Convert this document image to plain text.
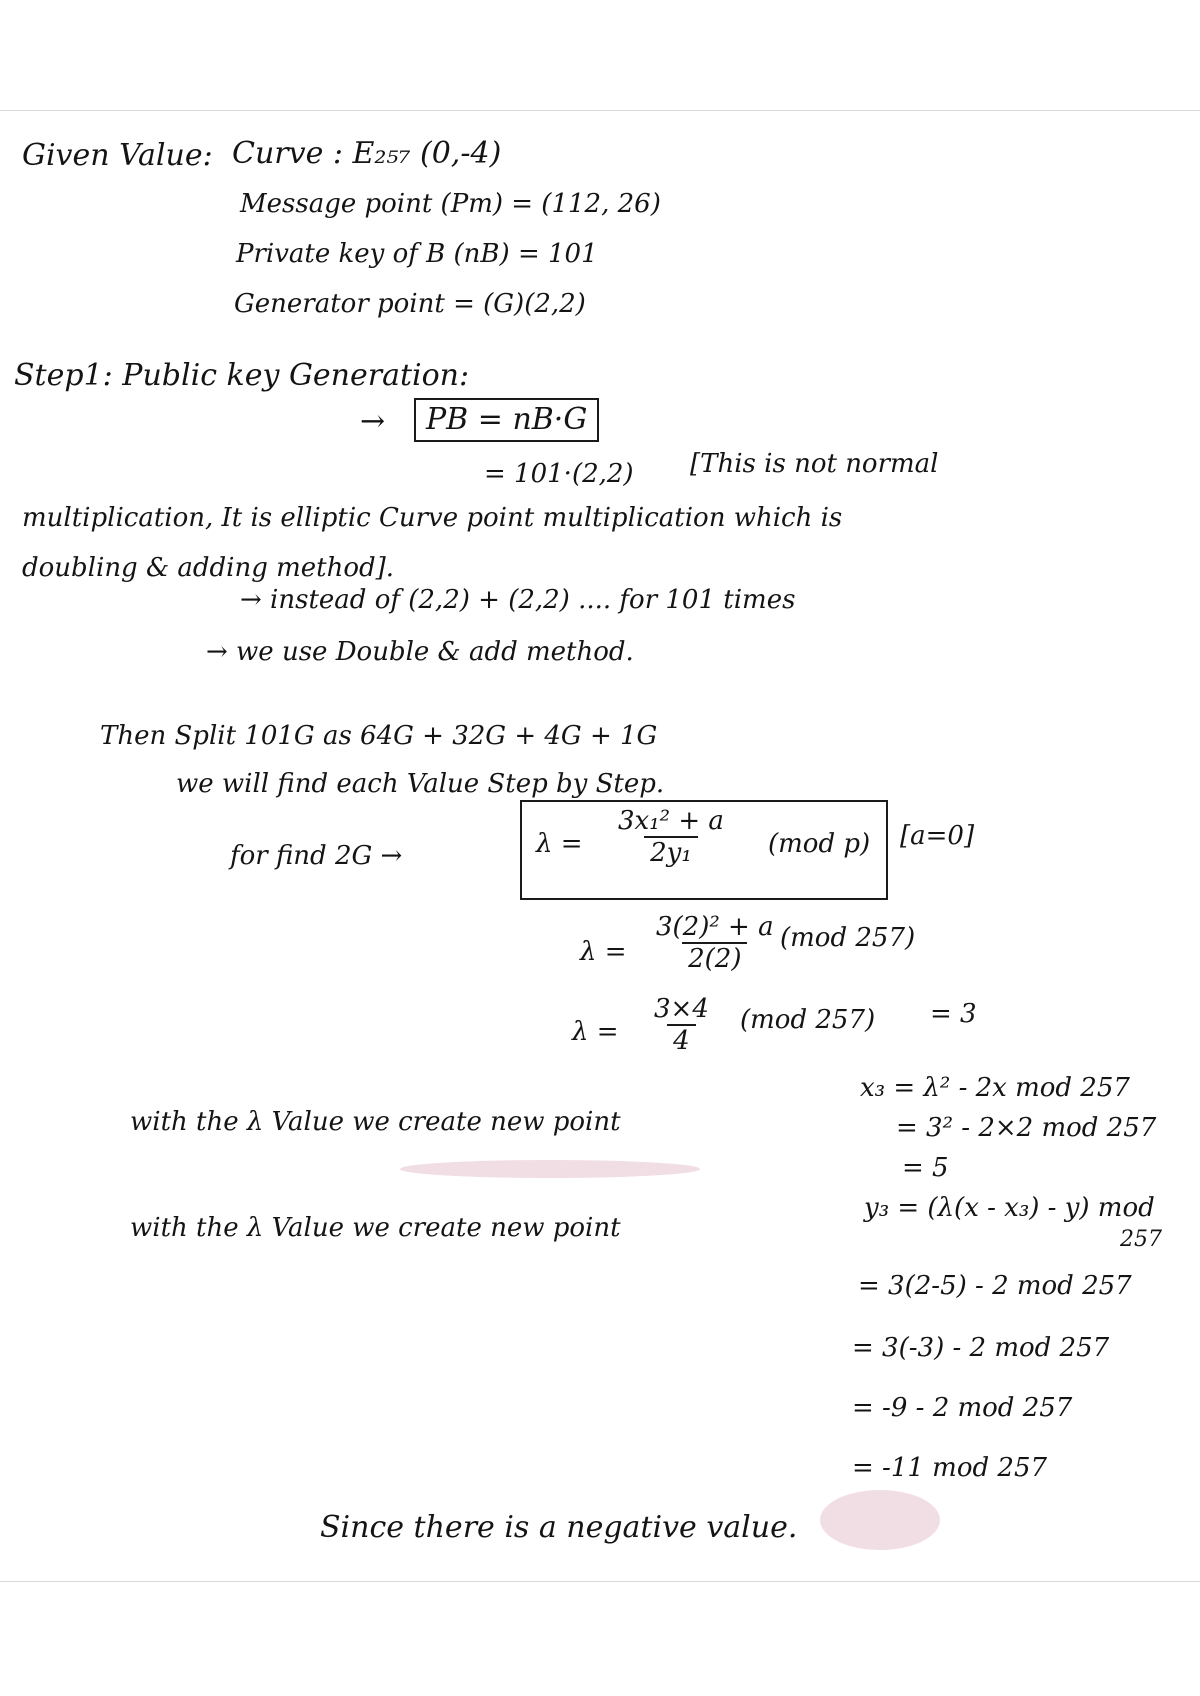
Given Value: Curve : E₂₅₇ (0,-4)
Message point (Pm) = (112, 26)
Private key of B (nB) = 101
Generator point = (G)(2,2)
Step1: Public key Generation:
→	PB = nB·G
= 101·(2,2) [This is not normal
multiplication, It is elliptic Curve point multiplication which is
doubling & adding method].
→ instead of (2,2) + (2,2) .... for 101 times
→ we use Double & add method.
Then Split 101G as 64G + 32G + 4G + 1G
we will find each Value Step by Step.
for find 2G →	$\lambda = \frac{\text{3x₁² + a}}{\text{2y₁}} (mod$ p) [a=0]
$\lambda = \frac{\text{3(2)² + a}}{2(2)} (mod$ 257)
$\lambda = \frac{3\times 4}{4} (mod$ 257) = 3
with the λ Value we create new point
x₃ = λ² - 2x mod 257
= 3² - 2×2 mod 257
= 5
with the λ Value we create new point
y₃ = (λ(x - x₃) - y) mod
257
= 3(2-5) - 2 mod 257
= 3(-3) - 2 mod 257
= -9 - 2 mod 257
= -11 mod 257
Since there is a negative value.
